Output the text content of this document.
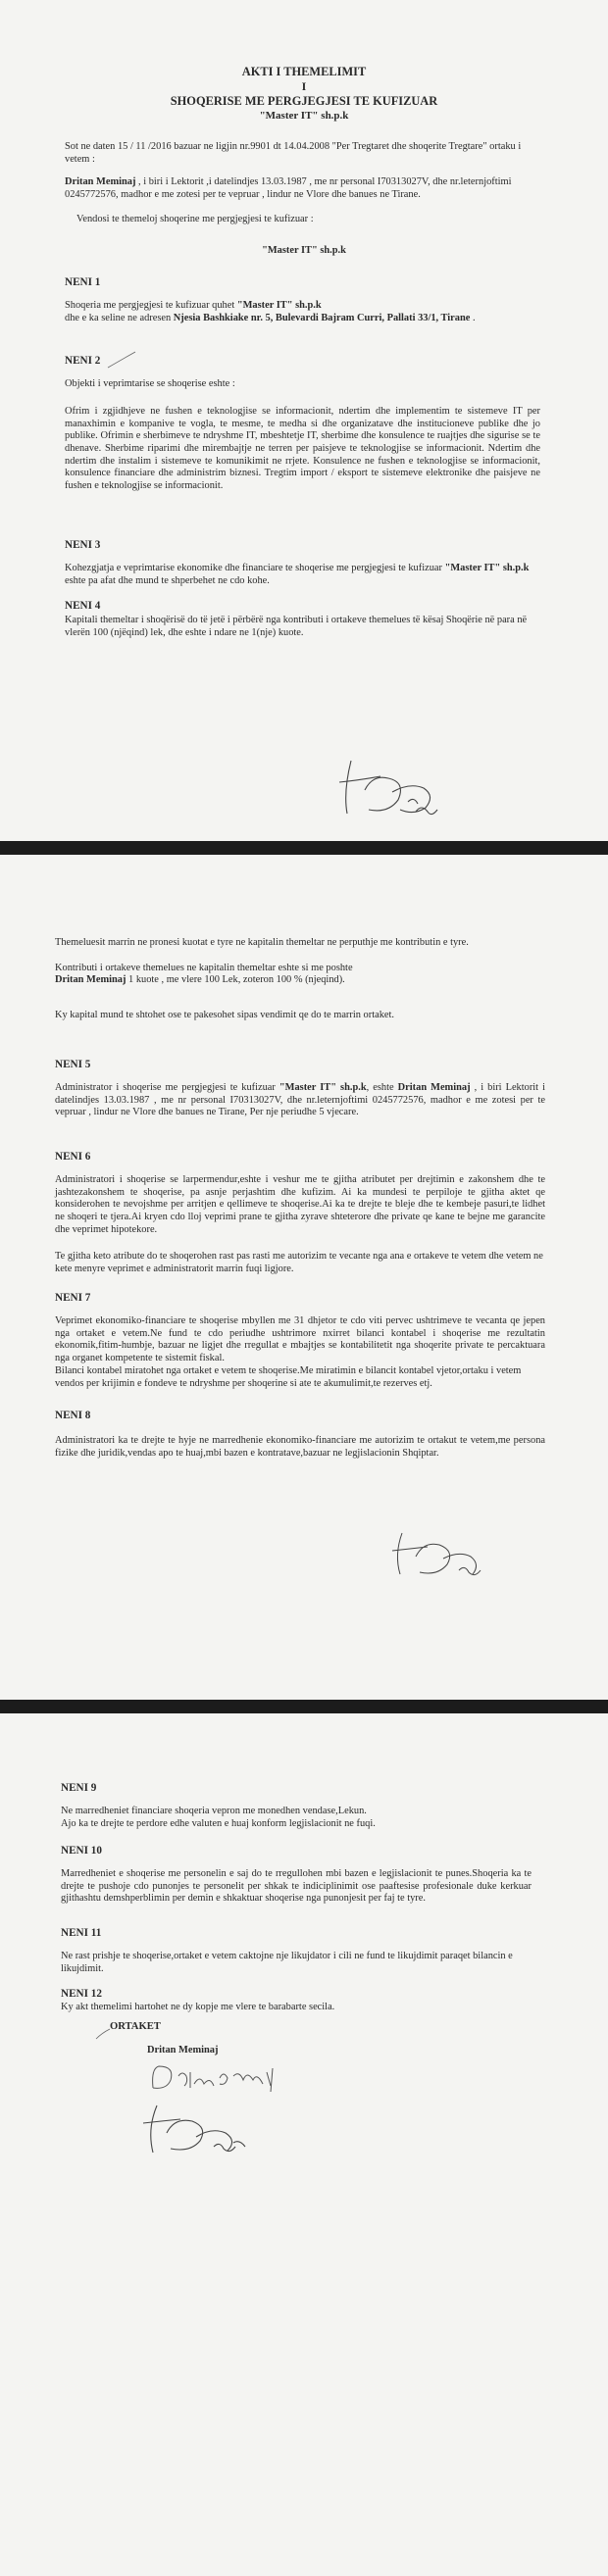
AKTI I THEMELIMIT

I

SHOQERISE ME PERGJEGJESI TE KUFIZUAR

"Master IT" sh.p.k

Sot ne daten 15 / 11 /2016 bazuar ne ligjin nr.9901 dt 14.04.2008 "Per Tregtaret dhe shoqerite Tregtare" ortaku i vetem :

Dritan Meminaj , i biri i Lektorit ,i datelindjes 13.03.1987 , me nr personal I70313027V, dhe nr.leternjoftimi 0245772576, madhor e me zotesi per te vepruar , lindur ne Vlore dhe banues ne Tirane.

Vendosi te themeloj shoqerine me pergjegjesi te kufizuar :

"Master IT" sh.p.k

NENI 1

Shoqeria me pergjegjesi te kufizuar quhet "Master IT" sh.p.k
dhe e ka seline ne adresen Njesia Bashkiake nr. 5, Bulevardi Bajram Curri, Pallati 33/1, Tirane .

NENI 2

Objekti i veprimtarise se shoqerise eshte :

Ofrim i zgjidhjeve ne fushen e teknologjise se informacionit, ndertim dhe implementim te sistemeve IT per manaxhimin e kompanive te vogla, te mesme, te medha si dhe organizatave dhe institucioneve publike dhe jo publike. Ofrimin e sherbimeve te ndryshme IT, mbeshtetje IT, sherbime dhe konsulence te ruajtjes dhe sigurise se te dhenave. Sherbime riparimi dhe mirembajtje ne terren per paisjeve te teknologjise se informacionit. Ndertim dhe ndertim dhe instalim i sistemeve te komunikimit ne rrjete. Konsulence ne fushen e teknologjise se informacionit, konsulence financiare dhe administrim biznesi. Tregtim import / eksport te sistemeve elektronike dhe paisjeve ne fushen e teknologjise se informacionit.

NENI 3

Kohezgjatja e veprimtarise ekonomike dhe financiare te shoqerise me pergjegjesi te kufizuar "Master IT" sh.p.k eshte pa afat dhe mund te shperbehet ne cdo kohe.

NENI 4

Kapitali themeltar i shoqërisë do të jetë i përbërë nga kontributi i ortakeve themelues të kësaj Shoqërie në para në vlerën 100 (njëqind) lek, dhe eshte i ndare ne 1(nje) kuote.

Themeluesit marrin ne pronesi kuotat e tyre ne kapitalin themeltar ne perputhje me kontributin e tyre.

Kontributi i ortakeve themelues ne kapitalin themeltar eshte si me poshte

Dritan Meminaj 1 kuote , me vlere 100 Lek, zoteron 100 % (njeqind).

Ky kapital mund te shtohet ose te pakesohet sipas vendimit qe do te marrin ortaket.

NENI 5

Administrator i shoqerise me pergjegjesi te kufizuar "Master IT" sh.p.k, eshte Dritan Meminaj , i biri Lektorit i datelindjes 13.03.1987 , me nr personal I70313027V, dhe nr.leternjoftimi 0245772576, madhor e me zotesi per te vepruar , lindur ne Vlore dhe banues ne Tirane, Per nje periudhe 5 vjecare.

NENI 6

Administratori i shoqerise se larpermendur,eshte i veshur me te gjitha atributet per drejtimin e zakonshem dhe te jashtezakonshem te shoqerise, pa asnje perjashtim dhe kufizim. Ai ka mundesi te perpiloje te gjitha aktet qe konsiderohen te nevojshme per arritjen e qellimeve te shoqerise.Ai ka te drejte te bleje dhe te kembeje pasuri,te lidhet ne shoqeri te tjera.Ai kryen cdo lloj veprimi prane te gjitha zyrave shteterore dhe private qe kane te bejne me garancite dhe veprimet hipotekore.

Te gjitha keto atribute do te shoqerohen rast pas rasti me autorizim te vecante nga ana e ortakeve te vetem dhe vetem ne kete menyre veprimet e administratorit marrin fuqi ligjore.

NENI 7

Veprimet ekonomiko-financiare te shoqerise mbyllen me 31 dhjetor te cdo viti pervec ushtrimeve te vecanta qe jepen nga ortaket e vetem.Ne fund te cdo periudhe ushtrimore nxirret bilanci kontabel i shoqerise me rezultatin ekonomik,fitim-humbje, bazuar ne ligjet dhe rregullat e mbajtjes se kontabilitetit nga shoqerite private te percaktuara nga organet kompetente te sistemit fiskal.

Bilanci kontabel miratohet nga ortaket e vetem te shoqerise.Me miratimin e bilancit kontabel vjetor,ortaku i vetem vendos per krijimin e fondeve te ndryshme per shoqerine si ate te akumulimit,te rezerves etj.

NENI 8

Administratori ka te drejte te hyje ne marredhenie ekonomiko-financiare me autorizim te ortakut te vetem,me persona fizike dhe juridik,vendas apo te huaj,mbi bazen e kontratave,bazuar ne legjislacionin Shqiptar.

NENI 9

Ne marredheniet financiare shoqeria vepron me monedhen vendase,Lekun.

Ajo ka te drejte te perdore edhe valuten e huaj konform legjislacionit ne fuqi.

NENI 10

Marredheniet e shoqerise me personelin e saj do te rregullohen mbi bazen e legjislacionit te punes.Shoqeria ka te drejte te pushoje cdo punonjes te personelit per shkak te indiciplinimit ose paaftesise profesionale duke kerkuar gjithashtu demshperblimin per demin e shkaktuar shoqerise nga punonjesit per faj te tyre.

NENI 11

Ne rast prishje te shoqerise,ortaket e vetem caktojne nje likujdator i cili ne fund te likujdimit paraqet bilancin e likujdimit.

NENI 12

Ky akt themelimi hartohet ne dy kopje me vlere te barabarte secila.

ORTAKET

Dritan Meminaj
